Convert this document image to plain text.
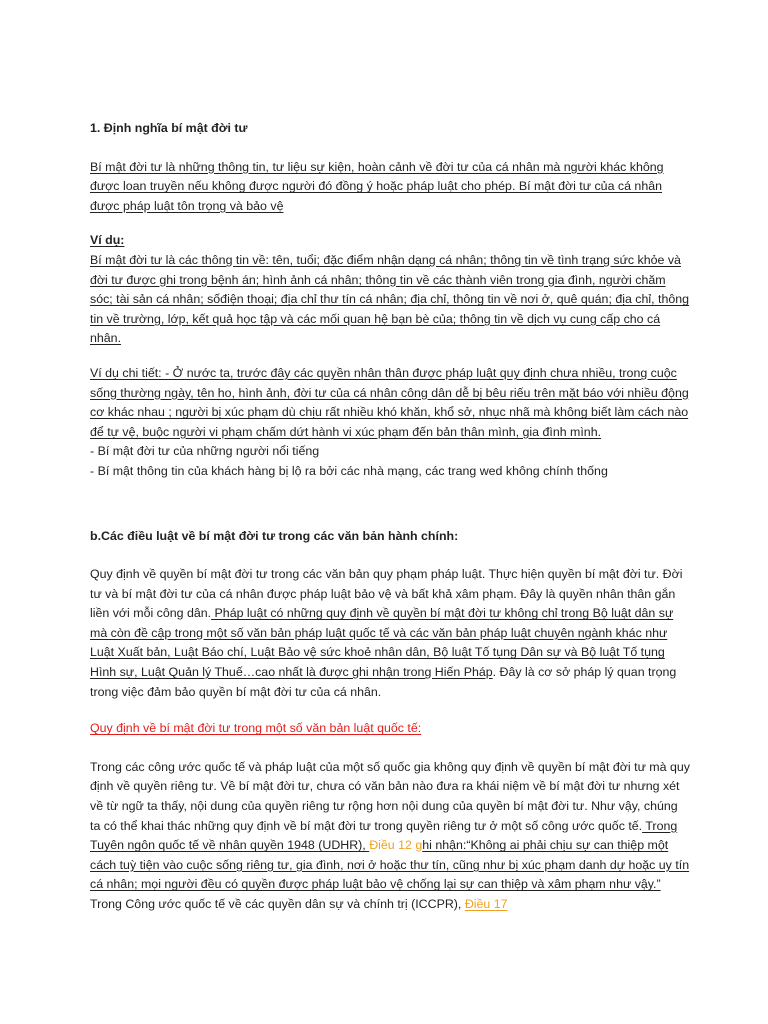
1. Định nghĩa bí mật đời tư

Bí mật đời tư là những thông tin, tư liệu sự kiện, hoàn cảnh về đời tư của cá nhân mà người khác không được loan truyền nếu không được người đó đồng ý hoặc pháp luật cho phép. Bí mật đời tư của cá nhân được pháp luật tôn trọng và bảo vệ

Ví dụ:

Bí mật đời tư là các thông tin về: tên, tuổi; đặc điểm nhận dạng cá nhân; thông tin về tình trạng sức khỏe và đời tư được ghi trong bệnh án; hình ảnh cá nhân; thông tin về các thành viên trong gia đình, người chăm sóc; tài sản cá nhân; sốđiện thoại; địa chỉ thư tín cá nhân; địa chỉ, thông tin về nơi ở, quê quán; địa chỉ, thông tin về trường, lớp, kết quả học tập và các mối quan hệ bạn bè của; thông tin về dịch vụ cung cấp cho cá nhân.

Ví dụ chi tiết: - Ở nước ta, trước đây các quyền nhân thân được pháp luật quy định chưa nhiều, trong cuộc sống thường ngày, tên ho, hình ảnh, đời tư của cá nhân công dân dễ bị bêu riếu trên mặt báo với nhiều động cơ khác nhau ; người bị xúc phạm dù chịu rất nhiều khó khăn, khổ sở, nhục nhã mà không biết làm cách nào để tự vệ, buộc người vi phạm chấm dứt hành vi xúc phạm đến bản thân mình, gia đình mình.

- Bí mật đời tư của những người nổi tiếng

- Bí mật thông tin của khách hàng bị lộ ra bởi các nhà mạng, các trang wed không chính thống

b.Các điều luật về bí mật đời tư trong các văn bản hành chính:

Quy định về quyền bí mật đời tư trong các văn bản quy phạm pháp luật. Thực hiện quyền bí mật đời tư. Đời tư và bí mật đời tư của cá nhân được pháp luật bảo vệ và bất khả xâm phạm. Đây là quyền nhân thân gắn liền với mỗi công dân. Pháp luật có những quy định về quyền bí mật đời tư không chỉ trong Bộ luật dân sự mà còn đề cập trong một số văn bản pháp luật quốc tế và các văn bản pháp luật chuyên ngành khác như Luật Xuất bản, Luật Báo chí, Luật Bảo vệ sức khoẻ nhân dân, Bộ luật Tố tụng Dân sự và Bộ luật Tố tụng Hình sự, Luật Quản lý Thuế…cao nhất là được ghi nhận trong Hiến Pháp. Đây là cơ sở pháp lý quan trọng trong việc đảm bảo quyền bí mật đời tư của cá nhân.

Quy định về bí mật đời tư trong một số văn bản luật quốc tế:

Trong các công ước quốc tế và pháp luật của một số quốc gia không quy định về quyền bí mật đời tư mà quy định về quyền riêng tư. Về bí mật đời tư, chưa có văn bản nào đưa ra khái niệm về bí mật đời tư nhưng xét về từ ngữ ta thấy, nội dung của quyền riêng tư rộng hơn nội dung của quyền bí mật đời tư. Như vậy, chúng ta có thể khai thác những quy định về bí mật đời tư trong quyền riêng tư ở một số công ước quốc tế. Trong Tuyên ngôn quốc tế về nhân quyền 1948 (UDHR), Điều 12 ghi nhận:“Không ai phải chịu sự can thiệp một cách tuỳ tiện vào cuộc sống riêng tư, gia đình, nơi ở hoặc thư tín, cũng như bị xúc phạm danh dự hoặc uy tín cá nhân; mọi người đều có quyền được pháp luật bảo vệ chống lại sự can thiệp và xâm phạm như vậy.” Trong Công ước quốc tế về các quyền dân sự và chính trị (ICCPR), Điều 17
